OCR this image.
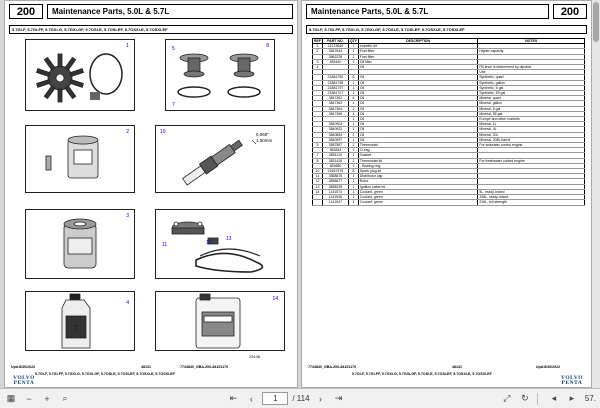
200	Maintenance Parts, 5.0L & 5.7L
5.7Gi-F, 5.7Gi-FF, 5.7GXi-G, 5.7GXi-GF, 5.7OSi-E, 5.7OSi-EF, 5.7OSXi-E, 5.7OSXi-EF
1	8
5
7
2	10	0.060"
1.50mm
3
11	12
13
4
7
14
29146
Upd:8/30/2022
5.7Gi-F, 5.7Gi-FF, 5.7GXi-G, 5.7GXi-GF, 5.7OSi-E, 5.7OSi-EF, 5.7OSXi-E, 5.7OSXi-EF
48131	7744840_GBA-200-84161170
VOLVO
PENTA
Maintenance Parts, 5.0L & 5.7L	200
5.7Gi-F, 5.7Gi-FF, 5.7GXi-G, 5.7GXi-GF, 5.7OSi-E, 5.7OSi-EF, 5.7OSXi-E, 5.7OSXi-EF
REF	PART NO.	QTY	DESCRIPTION	NOTES
1	21213649	1	Impeller kit	
2	3847644	1	Fuel filter	Higher capacity
	3862228	1	Fuel filter	
3	835440	1	Oil filter	
4			Oil	Fill level is determined by dipstick
				Use
	21881790	6	Oil	Synthetic, quart
	21881795	1	Oil	Synthetic, gallon
	21881797	1	Oil	Synthetic, 5 gal
	21881707	1	Oil	Synthetic, 55 gal
	3847362	6	Oil	Mineral, quart
	3847363	1	Oil	Mineral, gallon
	3847364	1	Oil	Mineral, 5 gal
	3847365	1	Oil	Mineral, 55 gal
		1	Oil	Europe and other markets
	3840903	1	Oil	Mineral, 1L
	3840922	1	Oil	Mineral, 4L
	3840854	1	Oil	Mineral, 20L
	3840997	1	Oil	Mineral, 208L barrel
5	3587587	1	Thermostat	For seawater cooled engine
	983844	1	O-ring	
7	3851119	1	Gasket	
8	3831426	1	Thermostat kit	For freshwater cooled engine
	826680	1	. Sealing ring	
10	21657475	8	Spark plug kit	
11	3858675	1	Distributor cap	
12	3858677	1	Rotor	
13	3858235	1	Ignition cable kit	
14	1141574	1	Coolant, green	5L, ready-mixed
	1141546	1	Coolant, green	208L, ready-mixed
	1141547	1	Coolant, green	216L, full strength
7744840_GBA-200-84161170	48131	Upd:8/30/2022
5.7Gi-F, 5.7Gi-FF, 5.7GXi-G, 5.7GXi-GF, 5.7OSi-E, 5.7OSi-EF, 5.7OSXi-E, 5.7OSXi-EF
VOLVO
PENTA
▦	−	+	⌕	⇤	‹	1	/ 114	›	⇥	⤢	↻	◂	▸	57.
